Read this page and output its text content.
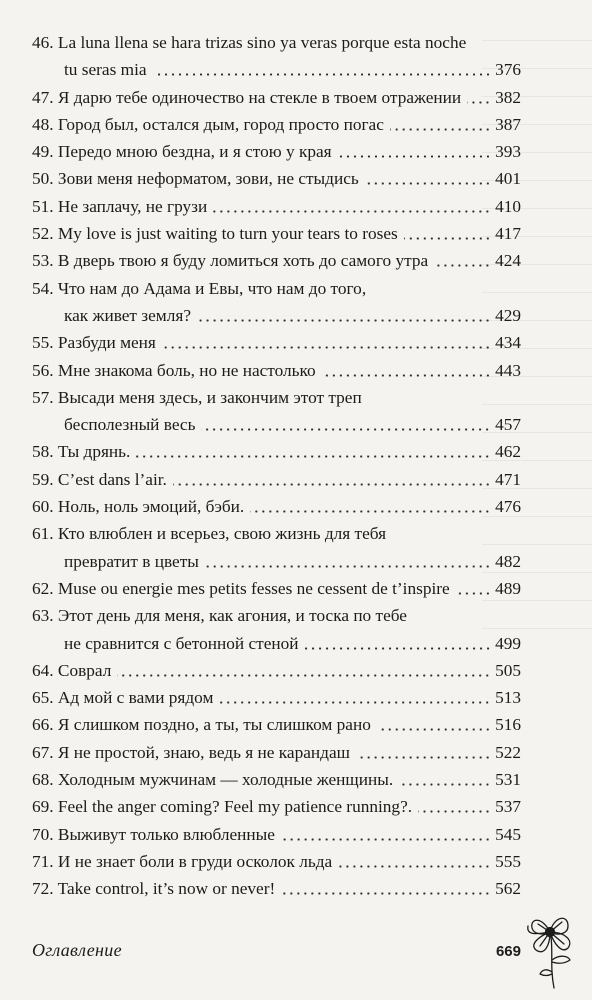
46. La luna llena se hara trizas sino ya veras porque esta noche
tu seras mia	376
47. Я дарю тебе одиночество на стекле в твоем отражении 382
48. Город был, остался дым, город просто погас	387
49. Передо мною бездна, и я стою у края	393
50. Зови меня неформатом, зови, не стыдись	401
51. Не заплачу, не грузи	410
52. My love is just waiting to turn your tears to roses	417
53. В дверь твою я буду ломиться хоть до самого утра	424
54. Что нам до Адама и Евы, что нам до того,
как живет земля?	429
55. Разбуди меня	434
56. Мне знакома боль, но не настолько	443
57. Высади меня здесь, и закончим этот треп
бесполезный весь	457
58. Ты дрянь.	462
59. C’est dans l’air.	471
60. Ноль, ноль эмоций, бэби.	476
61. Кто влюблен и всерьез, свою жизнь для тебя
превратит в цветы	482
62. Muse ou energie mes petits fesses ne cessent de t’inspire	489
63. Этот день для меня, как агония, и тоска по тебе
не сравнится с бетонной стеной	499
64. Соврал	505
65. Ад мой с вами рядом	513
66. Я слишком поздно, а ты, ты слишком рано	516
67. Я не простой, знаю, ведь я не карандаш	522
68. Холодным мужчинам — холодные женщины.	531
69. Feel the anger coming? Feel my patience running?.	537
70. Выживут только влюбленные	545
71. И не знает боли в груди осколок льда	555
72. Take control, it’s now or never!	562
Оглавление	669
